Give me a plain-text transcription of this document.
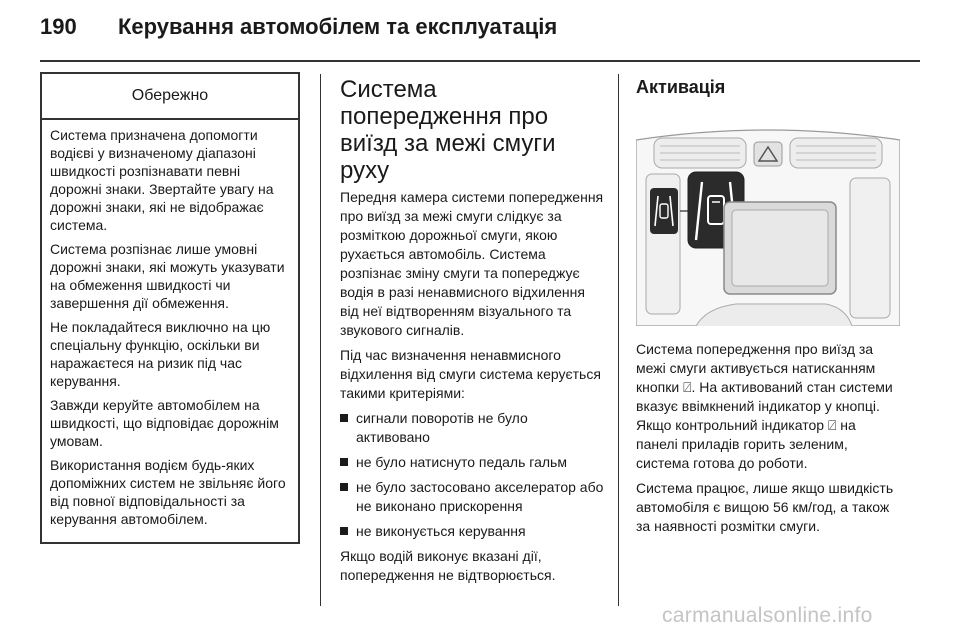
190 Керування автомобілем та експлуатація
Обережно

Система призначена допомогти водієві у визначеному діапазоні швидкості розпізнавати певні дорожні знаки. Звертайте увагу на дорожні знаки, які не відображає система.

Система розпізнає лише умовні дорожні знаки, які можуть указувати на обмеження швидкості чи завершення дії обмеження.

Не покладайтеся виключно на цю спеціальну функцію, оскільки ви наражаєтеся на ризик під час керування.

Завжди керуйте автомобілем на швидкості, що відповідає дорожнім умовам.

Використання водієм будь-яких допоміжних систем не звільняє його від повної відповідальності за керування автомобілем.

Система попередження про виїзд за межі смуги руху

Передня камера системи попередження про виїзд за межі смуги слідкує за розміткою дорожньої смуги, якою рухається автомобіль. Система розпізнає зміну смуги та попереджує водія в разі ненавмисного відхилення від неї відтворенням візуального та звукового сигналів.

Під час визначення ненавмисного відхилення від смуги система керується такими критеріями:

сигнали поворотів не було активовано
не було натиснуто педаль гальм
не було застосовано акселератор або не виконано прискорення
не виконується керування

Якщо водій виконує вказані дії, попередження не відтворюється.

Активація

Система попередження про виїзд за межі смуги активується натисканням кнопки ⍁. На активований стан системи вказує ввімкнений індикатор у кнопці. Якщо контрольний індикатор ⍁ на панелі приладів горить зеленим, система готова до роботи.

Система працює, лише якщо швидкість автомобіля є вищою 56 км/год, а також за наявності розмітки смуги.

carmanualsonline.info
